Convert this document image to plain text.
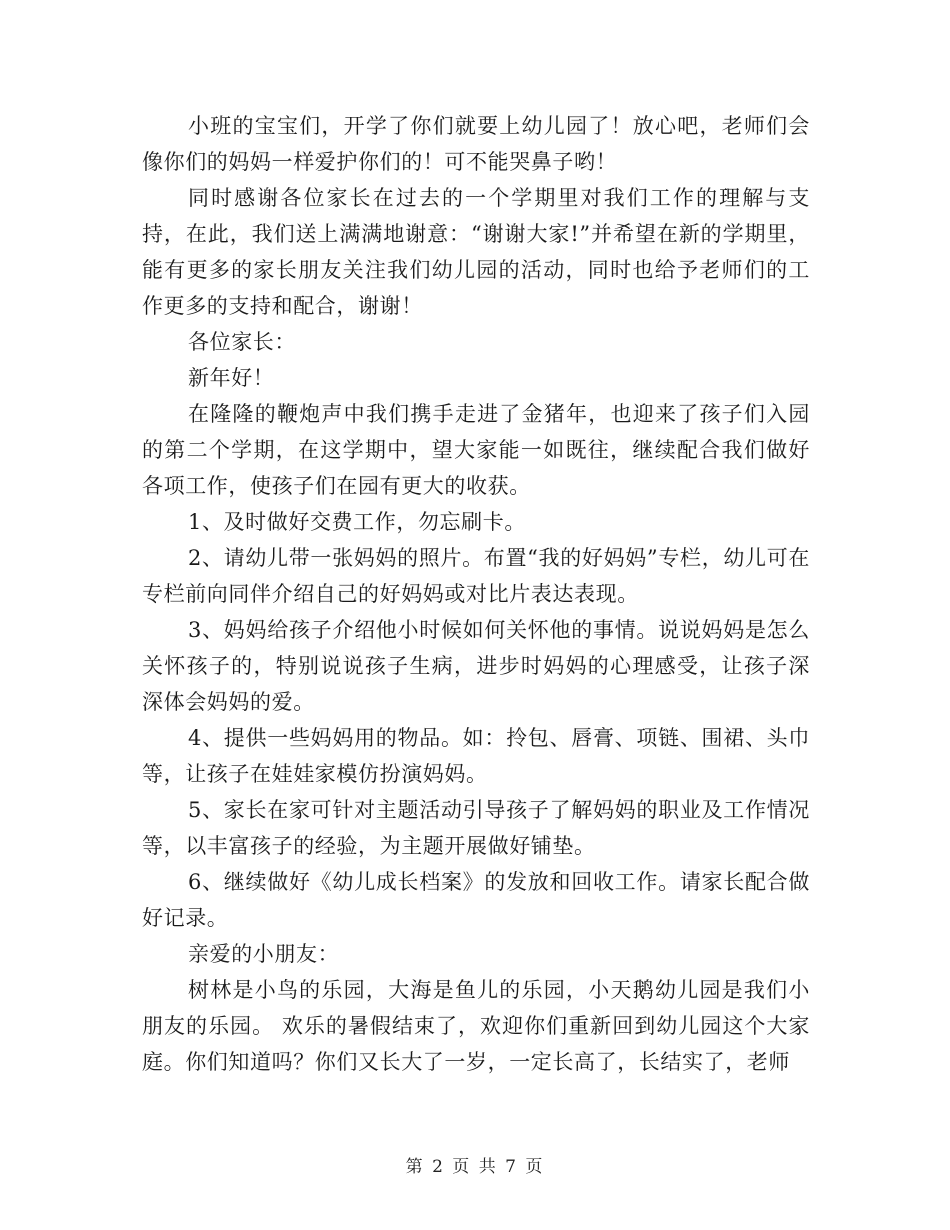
小班的宝宝们，开学了你们就要上幼儿园了！放心吧，老师们会像你们的妈妈一样爱护你们的！可不能哭鼻子哟！

同时感谢各位家长在过去的一个学期里对我们工作的理解与支持，在此，我们送上满满地谢意：“谢谢大家!”并希望在新的学期里，能有更多的家长朋友关注我们幼儿园的活动，同时也给予老师们的工作更多的支持和配合，谢谢！

各位家长：

新年好！

在隆隆的鞭炮声中我们携手走进了金猪年，也迎来了孩子们入园的第二个学期，在这学期中，望大家能一如既往，继续配合我们做好各项工作，使孩子们在园有更大的收获。

1、及时做好交费工作，勿忘刷卡。

2、请幼儿带一张妈妈的照片。布置“我的好妈妈”专栏，幼儿可在专栏前向同伴介绍自己的好妈妈或对比片表达表现。

3、妈妈给孩子介绍他小时候如何关怀他的事情。说说妈妈是怎么关怀孩子的，特别说说孩子生病，进步时妈妈的心理感受，让孩子深深体会妈妈的爱。

4、提供一些妈妈用的物品。如：拎包、唇膏、项链、围裙、头巾等，让孩子在娃娃家模仿扮演妈妈。

5、家长在家可针对主题活动引导孩子了解妈妈的职业及工作情况等，以丰富孩子的经验，为主题开展做好铺垫。

6、继续做好《幼儿成长档案》的发放和回收工作。请家长配合做好记录。

亲爱的小朋友：

树林是小鸟的乐园，大海是鱼儿的乐园，小天鹅幼儿园是我们小朋友的乐园。 欢乐的暑假结束了，欢迎你们重新回到幼儿园这个大家庭。你们知道吗？你们又长大了一岁，一定长高了，长结实了，老师

第 2 页 共 7 页
